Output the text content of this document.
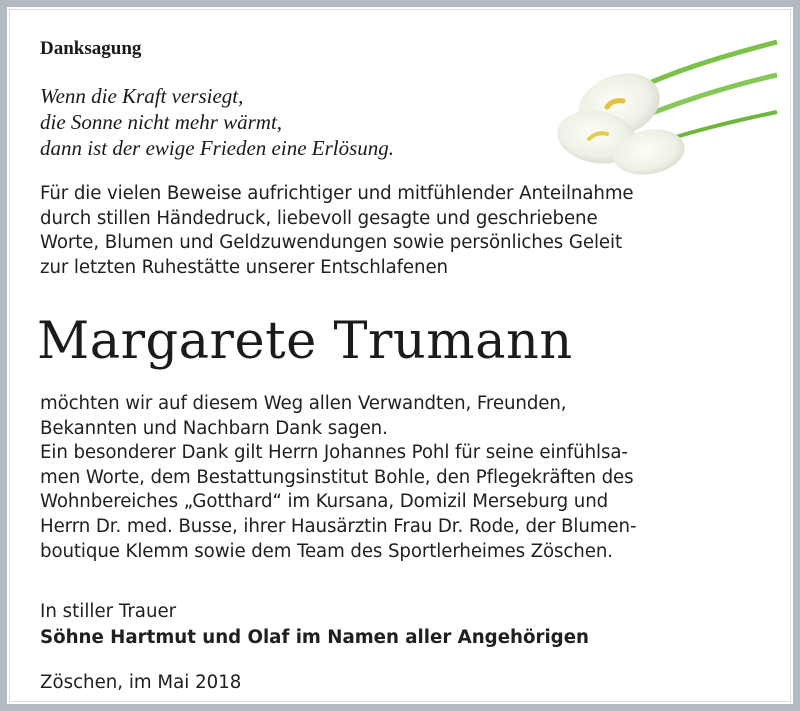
Danksagung
Wenn die Kraft versiegt,
die Sonne nicht mehr wärmt,
dann ist der ewige Frieden eine Erlösung.
Für die vielen Beweise aufrichtiger und mitfühlender Anteilnahme
durch stillen Händedruck, liebevoll gesagte und geschriebene
Worte, Blumen und Geldzuwendungen sowie persönliches Geleit
zur letzten Ruhestätte unserer Entschlafenen
Margarete Trumann
möchten wir auf diesem Weg allen Verwandten, Freunden,
Bekannten und Nachbarn Dank sagen.
Ein besonderer Dank gilt Herrn Johannes Pohl für seine einfühlsa-
men Worte, dem Bestattungsinstitut Bohle, den Pflegekräften des
Wohnbereiches „Gotthard“ im Kursana, Domizil Merseburg und
Herrn Dr. med. Busse, ihrer Hausärztin Frau Dr. Rode, der Blumen-
boutique Klemm sowie dem Team des Sportlerheimes Zöschen.
In stiller Trauer
Söhne Hartmut und Olaf im Namen aller Angehörigen
Zöschen, im Mai 2018
